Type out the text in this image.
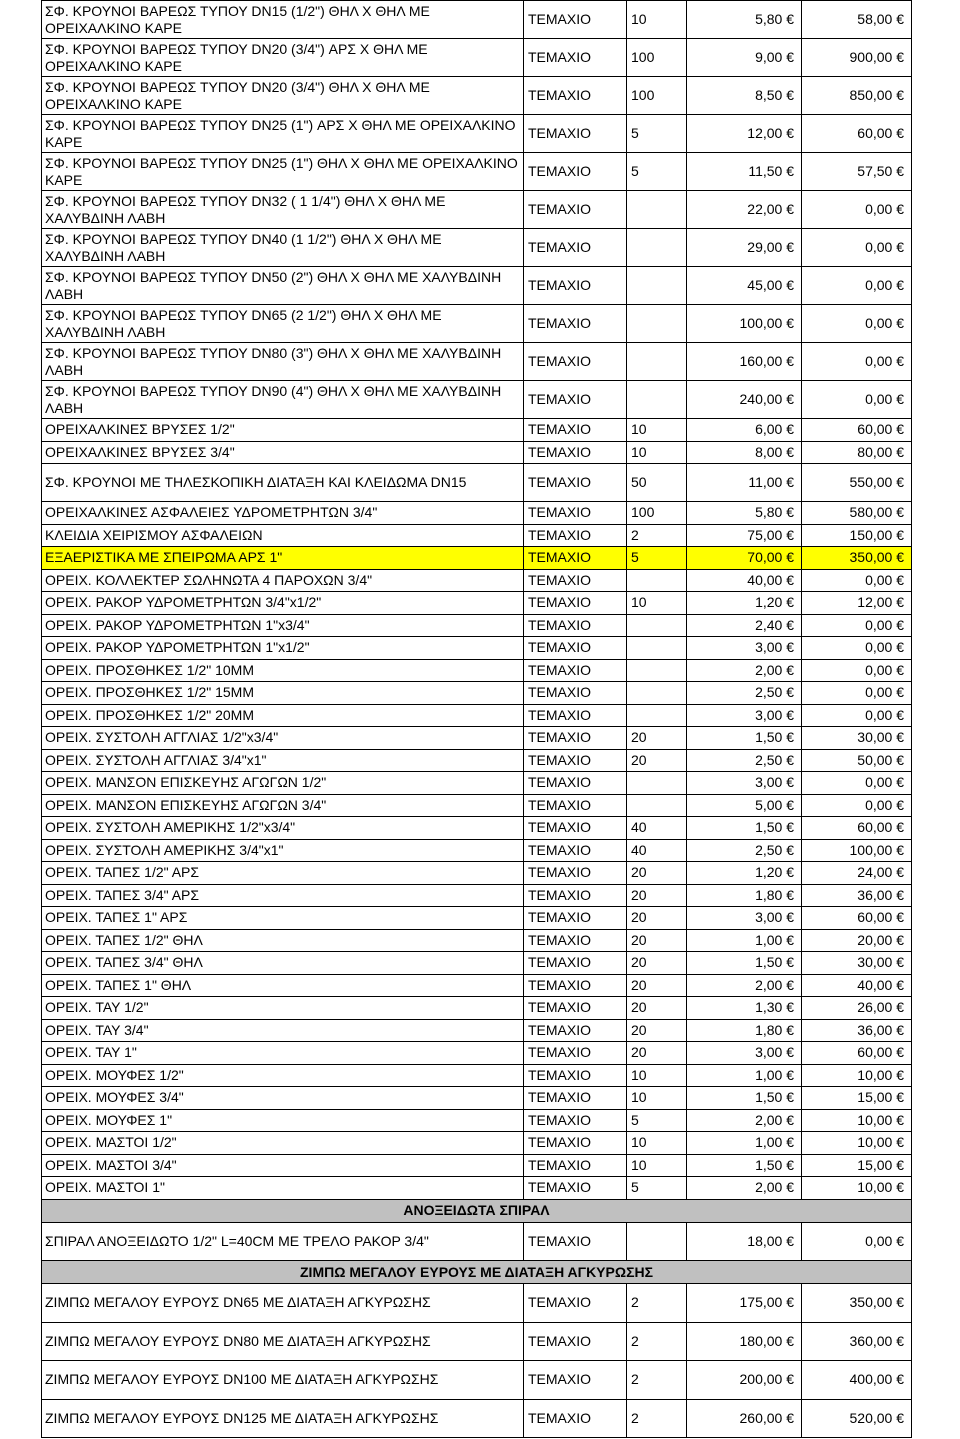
ΣΦ. ΚΡΟΥΝΟΙ ΒΑΡΕΩΣ ΤΥΠΟΥ DN15 (1/2") ΘΗΛ Χ ΘΗΛ ΜΕ ΟΡΕΙΧΑΛΚΙΝΟ ΚΑΡΕ	ΤΕΜΑΧΙΟ	10	5,80 €	58,00 €
ΣΦ. ΚΡΟΥΝΟΙ ΒΑΡΕΩΣ ΤΥΠΟΥ DN20 (3/4") ΑΡΣ Χ ΘΗΛ ΜΕ ΟΡΕΙΧΑΛΚΙΝΟ ΚΑΡΕ	ΤΕΜΑΧΙΟ	100	9,00 €	900,00 €
ΣΦ. ΚΡΟΥΝΟΙ ΒΑΡΕΩΣ ΤΥΠΟΥ DN20 (3/4") ΘΗΛ Χ ΘΗΛ ΜΕ ΟΡΕΙΧΑΛΚΙΝΟ ΚΑΡΕ	ΤΕΜΑΧΙΟ	100	8,50 €	850,00 €
ΣΦ. ΚΡΟΥΝΟΙ ΒΑΡΕΩΣ ΤΥΠΟΥ DN25 (1") ΑΡΣ Χ ΘΗΛ ΜΕ ΟΡΕΙΧΑΛΚΙΝΟ ΚΑΡΕ	ΤΕΜΑΧΙΟ	5	12,00 €	60,00 €
ΣΦ. ΚΡΟΥΝΟΙ ΒΑΡΕΩΣ ΤΥΠΟΥ DN25 (1") ΘΗΛ Χ ΘΗΛ ΜΕ ΟΡΕΙΧΑΛΚΙΝΟ ΚΑΡΕ	ΤΕΜΑΧΙΟ	5	11,50 €	57,50 €
ΣΦ. ΚΡΟΥΝΟΙ ΒΑΡΕΩΣ ΤΥΠΟΥ DN32 ( 1 1/4") ΘΗΛ Χ ΘΗΛ ΜΕ ΧΑΛΥΒΔΙΝΗ ΛΑΒΗ	ΤΕΜΑΧΙΟ		22,00 €	0,00 €
ΣΦ. ΚΡΟΥΝΟΙ ΒΑΡΕΩΣ ΤΥΠΟΥ DN40 (1 1/2") ΘΗΛ Χ ΘΗΛ ΜΕ ΧΑΛΥΒΔΙΝΗ ΛΑΒΗ	ΤΕΜΑΧΙΟ		29,00 €	0,00 €
ΣΦ. ΚΡΟΥΝΟΙ ΒΑΡΕΩΣ ΤΥΠΟΥ DN50 (2") ΘΗΛ Χ ΘΗΛ ΜΕ ΧΑΛΥΒΔΙΝΗ ΛΑΒΗ	ΤΕΜΑΧΙΟ		45,00 €	0,00 €
ΣΦ. ΚΡΟΥΝΟΙ ΒΑΡΕΩΣ ΤΥΠΟΥ DN65 (2 1/2") ΘΗΛ Χ ΘΗΛ ΜΕ ΧΑΛΥΒΔΙΝΗ ΛΑΒΗ	ΤΕΜΑΧΙΟ		100,00 €	0,00 €
ΣΦ. ΚΡΟΥΝΟΙ ΒΑΡΕΩΣ ΤΥΠΟΥ DN80 (3") ΘΗΛ Χ ΘΗΛ ΜΕ ΧΑΛΥΒΔΙΝΗ ΛΑΒΗ	ΤΕΜΑΧΙΟ		160,00 €	0,00 €
ΣΦ. ΚΡΟΥΝΟΙ ΒΑΡΕΩΣ ΤΥΠΟΥ DN90 (4") ΘΗΛ Χ ΘΗΛ ΜΕ ΧΑΛΥΒΔΙΝΗ ΛΑΒΗ	ΤΕΜΑΧΙΟ		240,00 €	0,00 €
ΟΡΕΙΧΑΛΚΙΝΕΣ ΒΡΥΣΕΣ 1/2"	ΤΕΜΑΧΙΟ	10	6,00 €	60,00 €
ΟΡΕΙΧΑΛΚΙΝΕΣ ΒΡΥΣΕΣ 3/4"	ΤΕΜΑΧΙΟ	10	8,00 €	80,00 €
ΣΦ. ΚΡΟΥΝΟΙ ΜΕ ΤΗΛΕΣΚΟΠΙΚΗ ΔΙΑΤΑΞΗ ΚΑΙ ΚΛΕΙΔΩΜΑ DN15	ΤΕΜΑΧΙΟ	50	11,00 €	550,00 €
ΟΡΕΙΧΑΛΚΙΝΕΣ ΑΣΦΑΛΕΙΕΣ ΥΔΡΟΜΕΤΡΗΤΩΝ 3/4"	ΤΕΜΑΧΙΟ	100	5,80 €	580,00 €
ΚΛΕΙΔΙΑ ΧΕΙΡΙΣΜΟΥ ΑΣΦΑΛΕΙΩΝ	ΤΕΜΑΧΙΟ	2	75,00 €	150,00 €
ΕΞΑΕΡΙΣΤΙΚΑ ΜΕ ΣΠΕΙΡΩΜΑ ΑΡΣ 1"	ΤΕΜΑΧΙΟ	5	70,00 €	350,00 €
ΟΡΕΙΧ. ΚΟΛΛΕΚΤΕΡ ΣΩΛΗΝΩΤΑ 4 ΠΑΡΟΧΩΝ 3/4"	ΤΕΜΑΧΙΟ		40,00 €	0,00 €
ΟΡΕΙΧ. ΡΑΚΟΡ ΥΔΡΟΜΕΤΡΗΤΩΝ 3/4"x1/2"	ΤΕΜΑΧΙΟ	10	1,20 €	12,00 €
ΟΡΕΙΧ. ΡΑΚΟΡ ΥΔΡΟΜΕΤΡΗΤΩΝ 1"x3/4"	ΤΕΜΑΧΙΟ		2,40 €	0,00 €
ΟΡΕΙΧ. ΡΑΚΟΡ ΥΔΡΟΜΕΤΡΗΤΩΝ 1"x1/2"	ΤΕΜΑΧΙΟ		3,00 €	0,00 €
ΟΡΕΙΧ. ΠΡΟΣΘΗΚΕΣ 1/2" 10ΜΜ	ΤΕΜΑΧΙΟ		2,00 €	0,00 €
ΟΡΕΙΧ. ΠΡΟΣΘΗΚΕΣ 1/2" 15ΜΜ	ΤΕΜΑΧΙΟ		2,50 €	0,00 €
ΟΡΕΙΧ. ΠΡΟΣΘΗΚΕΣ 1/2" 20ΜΜ	ΤΕΜΑΧΙΟ		3,00 €	0,00 €
ΟΡΕΙΧ. ΣΥΣΤΟΛΗ ΑΓΓΛΙΑΣ 1/2"x3/4"	ΤΕΜΑΧΙΟ	20	1,50 €	30,00 €
ΟΡΕΙΧ. ΣΥΣΤΟΛΗ ΑΓΓΛΙΑΣ 3/4"x1"	ΤΕΜΑΧΙΟ	20	2,50 €	50,00 €
ΟΡΕΙΧ. ΜΑΝΣΟΝ ΕΠΙΣΚΕΥΗΣ ΑΓΩΓΩΝ 1/2"	ΤΕΜΑΧΙΟ		3,00 €	0,00 €
ΟΡΕΙΧ. ΜΑΝΣΟΝ ΕΠΙΣΚΕΥΗΣ ΑΓΩΓΩΝ 3/4"	ΤΕΜΑΧΙΟ		5,00 €	0,00 €
ΟΡΕΙΧ. ΣΥΣΤΟΛΗ ΑΜΕΡΙΚΗΣ 1/2"x3/4"	ΤΕΜΑΧΙΟ	40	1,50 €	60,00 €
ΟΡΕΙΧ. ΣΥΣΤΟΛΗ ΑΜΕΡΙΚΗΣ 3/4"x1"	ΤΕΜΑΧΙΟ	40	2,50 €	100,00 €
ΟΡΕΙΧ. ΤΑΠΕΣ 1/2" ΑΡΣ	ΤΕΜΑΧΙΟ	20	1,20 €	24,00 €
ΟΡΕΙΧ. ΤΑΠΕΣ 3/4" ΑΡΣ	ΤΕΜΑΧΙΟ	20	1,80 €	36,00 €
ΟΡΕΙΧ. ΤΑΠΕΣ 1" ΑΡΣ	ΤΕΜΑΧΙΟ	20	3,00 €	60,00 €
ΟΡΕΙΧ. ΤΑΠΕΣ 1/2" ΘΗΛ	ΤΕΜΑΧΙΟ	20	1,00 €	20,00 €
ΟΡΕΙΧ. ΤΑΠΕΣ 3/4" ΘΗΛ	ΤΕΜΑΧΙΟ	20	1,50 €	30,00 €
ΟΡΕΙΧ. ΤΑΠΕΣ 1" ΘΗΛ	ΤΕΜΑΧΙΟ	20	2,00 €	40,00 €
ΟΡΕΙΧ. ΤΑΥ 1/2"	ΤΕΜΑΧΙΟ	20	1,30 €	26,00 €
ΟΡΕΙΧ. ΤΑΥ 3/4"	ΤΕΜΑΧΙΟ	20	1,80 €	36,00 €
ΟΡΕΙΧ. ΤΑΥ 1"	ΤΕΜΑΧΙΟ	20	3,00 €	60,00 €
ΟΡΕΙΧ. ΜΟΥΦΕΣ 1/2"	ΤΕΜΑΧΙΟ	10	1,00 €	10,00 €
ΟΡΕΙΧ. ΜΟΥΦΕΣ 3/4"	ΤΕΜΑΧΙΟ	10	1,50 €	15,00 €
ΟΡΕΙΧ. ΜΟΥΦΕΣ 1"	ΤΕΜΑΧΙΟ	5	2,00 €	10,00 €
ΟΡΕΙΧ. ΜΑΣΤΟΙ 1/2"	ΤΕΜΑΧΙΟ	10	1,00 €	10,00 €
ΟΡΕΙΧ. ΜΑΣΤΟΙ 3/4"	ΤΕΜΑΧΙΟ	10	1,50 €	15,00 €
ΟΡΕΙΧ. ΜΑΣΤΟΙ 1"	ΤΕΜΑΧΙΟ	5	2,00 €	10,00 €
ΑΝΟΞΕΙΔΩΤΑ ΣΠΙΡΑΛ				
ΣΠΙΡΑΛ ΑΝΟΞΕΙΔΩΤΟ 1/2" L=40CM ME ΤΡΕΛΟ ΡΑΚΟΡ 3/4"	ΤΕΜΑΧΙΟ		18,00 €	0,00 €
ΖΙΜΠΩ ΜΕΓΑΛΟΥ ΕΥΡΟΥΣ ΜΕ ΔΙΑΤΑΞΗ ΑΓΚΥΡΩΣΗΣ				
ΖΙΜΠΩ ΜΕΓΑΛΟΥ ΕΥΡΟΥΣ DN65 ΜΕ ΔΙΑΤΑΞΗ ΑΓΚΥΡΩΣΗΣ	ΤΕΜΑΧΙΟ	2	175,00 €	350,00 €
ΖΙΜΠΩ ΜΕΓΑΛΟΥ ΕΥΡΟΥΣ DN80 ΜΕ ΔΙΑΤΑΞΗ ΑΓΚΥΡΩΣΗΣ	ΤΕΜΑΧΙΟ	2	180,00 €	360,00 €
ΖΙΜΠΩ ΜΕΓΑΛΟΥ ΕΥΡΟΥΣ DN100 ΜΕ ΔΙΑΤΑΞΗ ΑΓΚΥΡΩΣΗΣ	ΤΕΜΑΧΙΟ	2	200,00 €	400,00 €
ΖΙΜΠΩ ΜΕΓΑΛΟΥ ΕΥΡΟΥΣ DN125 ΜΕ ΔΙΑΤΑΞΗ ΑΓΚΥΡΩΣΗΣ	ΤΕΜΑΧΙΟ	2	260,00 €	520,00 €
